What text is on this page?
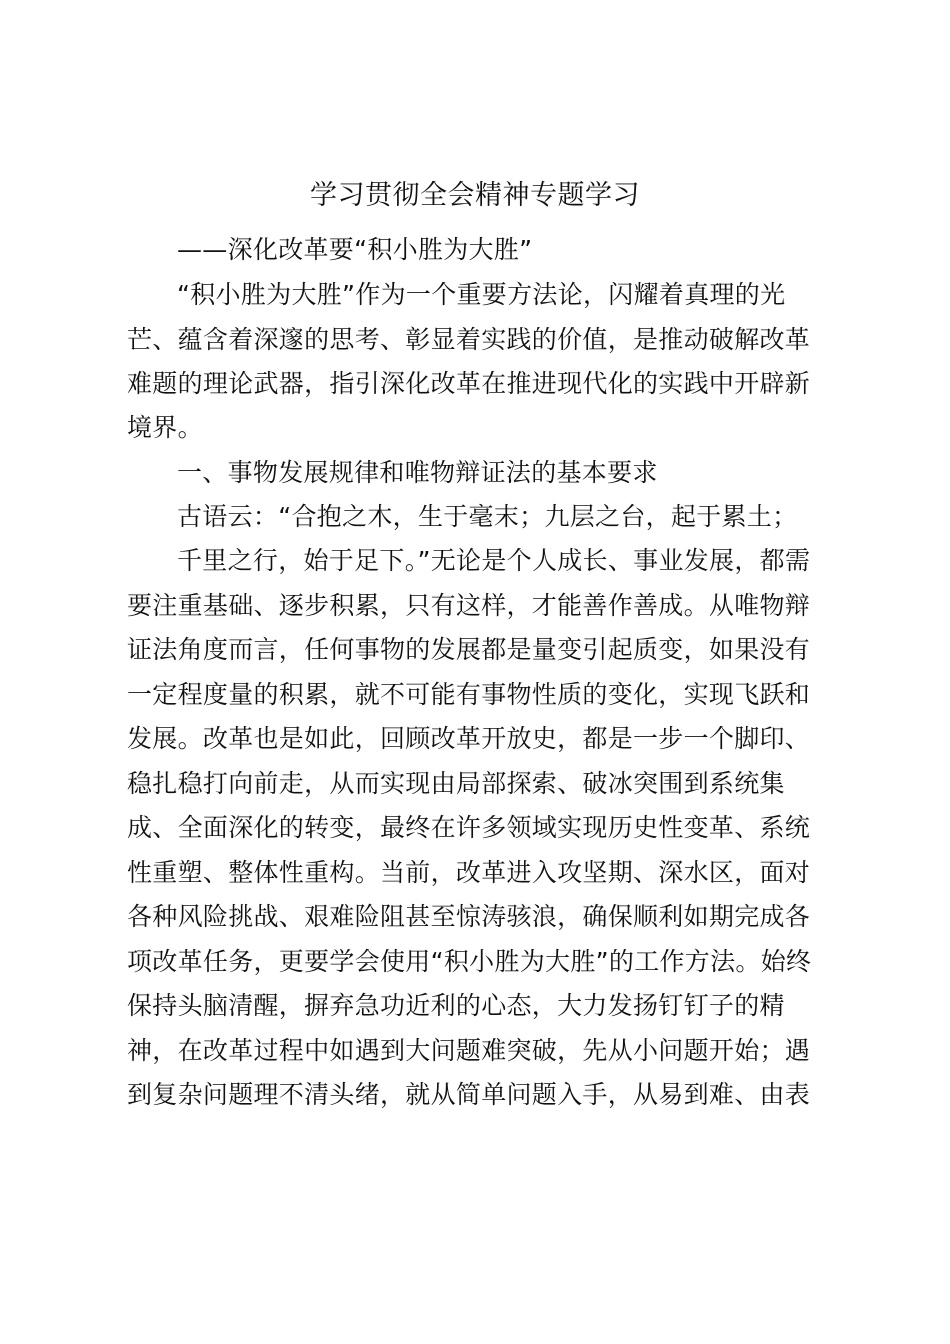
学习贯彻全会精神专题学习

——深化改革要“积小胜为大胜”

“积小胜为大胜”作为一个重要方法论，闪耀着真理的光

芒、蕴含着深邃的思考、彰显着实践的价值，是推动破解改革

难题的理论武器，指引深化改革在推进现代化的实践中开辟新

境界。

一、事物发展规律和唯物辩证法的基本要求

古语云：“合抱之木，生于毫末；九层之台，起于累土；

千里之行，始于足下。”无论是个人成长、事业发展，都需

要注重基础、逐步积累，只有这样，才能善作善成。从唯物辩

证法角度而言，任何事物的发展都是量变引起质变，如果没有

一定程度量的积累，就不可能有事物性质的变化，实现飞跃和

发展。改革也是如此，回顾改革开放史，都是一步一个脚印、

稳扎稳打向前走，从而实现由局部探索、破冰突围到系统集

成、全面深化的转变，最终在许多领域实现历史性变革、系统

性重塑、整体性重构。当前，改革进入攻坚期、深水区，面对

各种风险挑战、艰难险阻甚至惊涛骇浪，确保顺利如期完成各

项改革任务，更要学会使用“积小胜为大胜”的工作方法。始终

保持头脑清醒，摒弃急功近利的心态，大力发扬钉钉子的精

神，在改革过程中如遇到大问题难突破，先从小问题开始；遇

到复杂问题理不清头绪，就从简单问题入手，从易到难、由表
